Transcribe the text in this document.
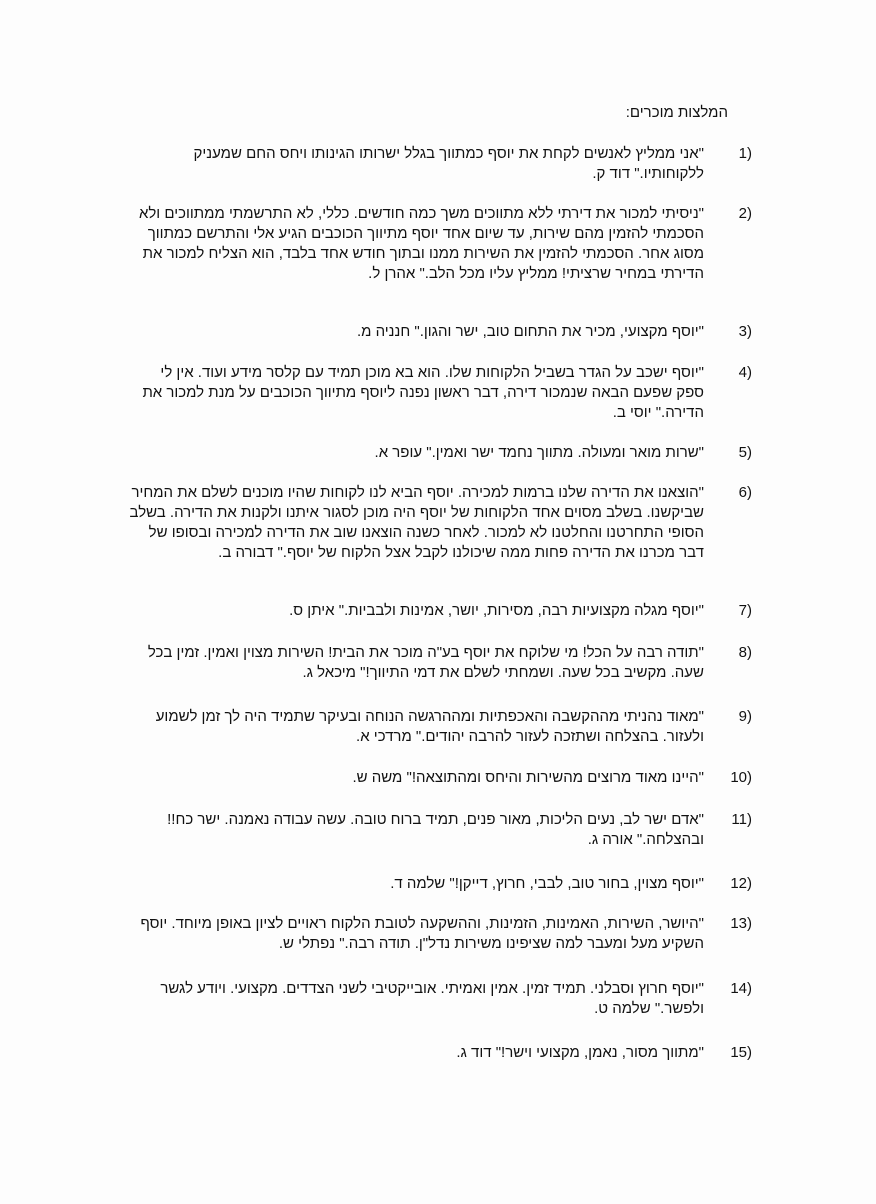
המלצות מוכרים:
1)
"אני ממליץ לאנשים לקחת את יוסף כמתווך בגלל ישרותו הגינותו ויחס החם שמעניק ללקוחותיו." דוד ק.
2)
"ניסיתי למכור את דירתי ללא מתווכים משך כמה חודשים. כללי, לא התרשמתי ממתווכים ולא הסכמתי להזמין מהם שירות, עד שיום אחד יוסף מתיווך הכוכבים הגיע אלי והתרשם כמתווך מסוג אחר. הסכמתי להזמין את השירות ממנו ובתוך חודש אחד בלבד, הוא הצליח למכור את הדירתי במחיר שרציתי! ממליץ עליו מכל הלב." אהרן ל.
3)
"יוסף מקצועי, מכיר את התחום טוב, ישר והגון." חנניה מ.
4)
"יוסף ישכב על הגדר בשביל הלקוחות שלו. הוא בא מוכן תמיד עם קלסר מידע ועוד. אין לי ספק שפעם הבאה שנמכור דירה, דבר ראשון נפנה ליוסף מתיווך הכוכבים על מנת למכור את הדירה." יוסי ב.
5)
"שרות מואר ומעולה. מתווך נחמד ישר ואמין." עופר א.
6)
"הוצאנו את הדירה שלנו ברמות למכירה. יוסף הביא לנו לקוחות שהיו מוכנים לשלם את המחיר שביקשנו. בשלב מסוים אחד הלקוחות של יוסף היה מוכן לסגור איתנו ולקנות את הדירה. בשלב הסופי התחרטנו והחלטנו לא למכור. לאחר כשנה הוצאנו שוב את הדירה למכירה ובסופו של דבר מכרנו את הדירה פחות ממה שיכולנו לקבל אצל הלקוח של יוסף." דבורה ב.
7)
"יוסף מגלה מקצועיות רבה, מסירות, יושר, אמינות ולבביות." איתן ס.
8)
"תודה רבה על הכל! מי שלוקח את יוסף בע"ה מוכר את הבית! השירות מצוין ואמין. זמין בכל שעה. מקשיב בכל שעה. ושמחתי לשלם את דמי התיווך!" מיכאל ג.
9)
"מאוד נהניתי מההקשבה והאכפתיות ומההרגשה הנוחה ובעיקר שתמיד היה לך זמן לשמוע ולעזור. בהצלחה ושתזכה לעזור להרבה יהודים." מרדכי א.
10)
"היינו מאוד מרוצים מהשירות והיחס ומהתוצאה!" משה ש.
11)
"אדם ישר לב, נעים הליכות, מאור פנים, תמיד ברוח טובה. עשה עבודה נאמנה. ישר כח!! ובהצלחה." אורה ג.
12)
"יוסף מצוין, בחור טוב, לבבי, חרוץ, דייקן!" שלמה ד.
13)
"היושר, השירות, האמינות, הזמינות, וההשקעה לטובת הלקוח ראויים לציון באופן מיוחד. יוסף השקיע מעל ומעבר למה שציפינו משירות נדל"ן. תודה רבה." נפתלי ש.
14)
"יוסף חרוץ וסבלני. תמיד זמין. אמין ואמיתי. אובייקטיבי לשני הצדדים. מקצועי. ויודע לגשר ולפשר." שלמה ט.
15)
"מתווך מסור, נאמן, מקצועי וישר!" דוד ג.
